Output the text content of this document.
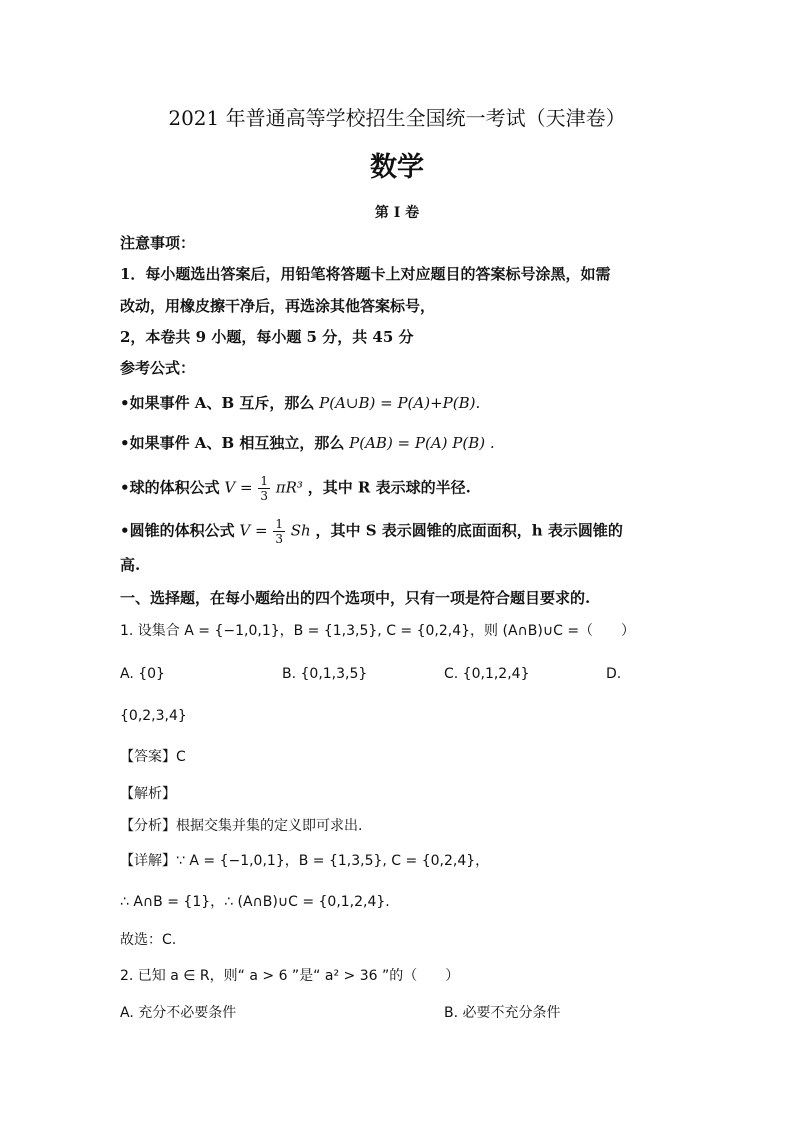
2021 年普通高等学校招生全国统一考试（天津卷）
数学
第 I 卷
注意事项：
1．每小题选出答案后，用铅笔将答题卡上对应题目的答案标号涂黑，如需
改动，用橡皮擦干净后，再选涂其他答案标号，
2，本卷共 9 小题，每小题 5 分，共 45 分
参考公式：
•如果事件 A、B 互斥，那么 P(A∪B) = P(A)+P(B).
•如果事件 A、B 相互独立，那么 P(AB) = P(A) P(B) .
•球的体积公式 $V = \frac{1}{3} \pi R^3$ ，其中 R 表示球的半径.
•圆锥的体积公式 $V = \frac{1}{3}$ Sh ，其中 S 表示圆锥的底面面积，h 表示圆锥的
高.
一、选择题，在每小题给出的四个选项中，只有一项是符合题目要求的.
1. 设集合 A = {−1,0,1}，B = {1,3,5}, C = {0,2,4}，则 (A∩B)∪C =（　　）
A. {0}	B. {0,1,3,5}	C. {0,1,2,4}	D.
{0,2,3,4}
【答案】C
【解析】
【分析】根据交集并集的定义即可求出.
【详解】∵ A = {−1,0,1}，B = {1,3,5}, C = {0,2,4}，
∴ A∩B = {1}，∴ (A∩B)∪C = {0,1,2,4}.
故选：C.
2. 已知 a ∈ R，则“ a > 6 ”是“ a² > 36 ”的（　　）
A. 充分不必要条件	B. 必要不充分条件
